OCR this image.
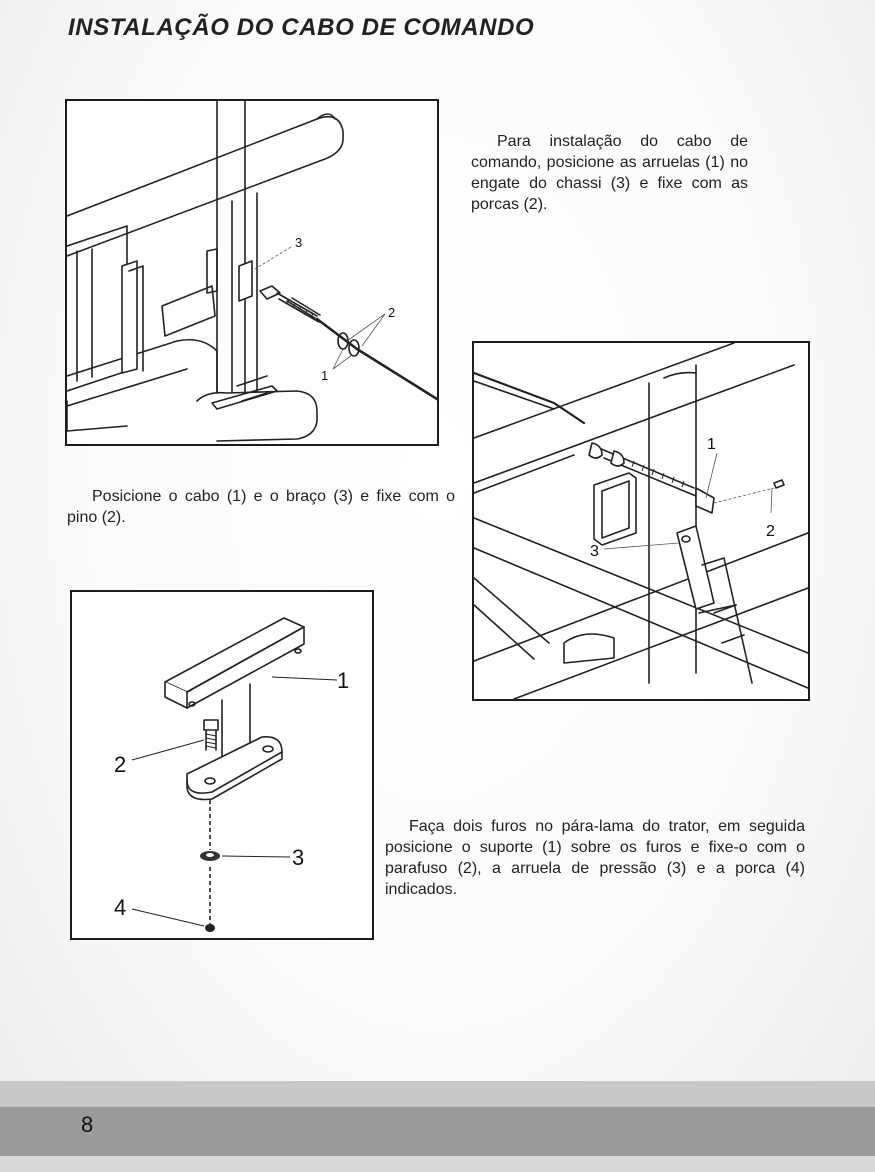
INSTALAÇÃO DO CABO DE COMANDO
3
2
1

Para instalação do cabo de comando, posicione as arruelas (1) no engate do chassi (3) e fixe com as porcas (2).

Posicione o cabo (1) e o braço (3) e fixe com o pino (2).

1
2
3
1
2
3
4

Faça dois furos no pára-lama do trator, em seguida posicione o suporte (1) sobre os furos e fixe-o com o parafuso (2), a arruela de pressão (3) e a porca (4) indicados.

8
